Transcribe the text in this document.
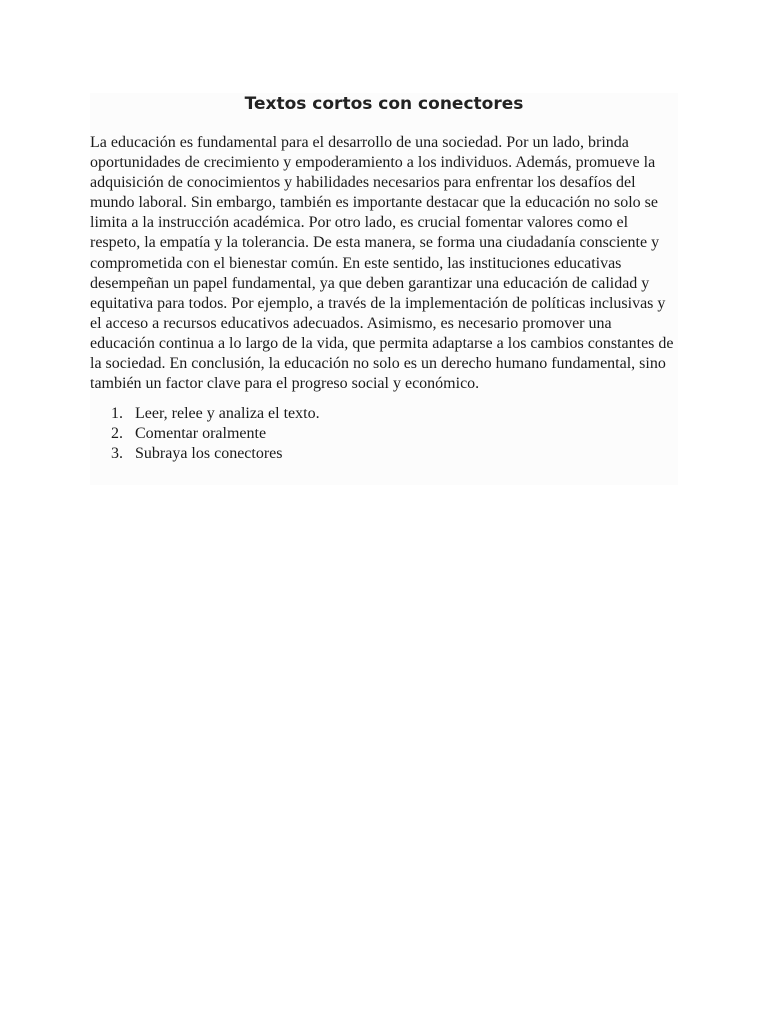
Textos cortos con conectores

La educación es fundamental para el desarrollo de una sociedad. Por un lado, brinda oportunidades de crecimiento y empoderamiento a los individuos. Además, promueve la adquisición de conocimientos y habilidades necesarios para enfrentar los desafíos del mundo laboral. Sin embargo, también es importante destacar que la educación no solo se limita a la instrucción académica. Por otro lado, es crucial fomentar valores como el respeto, la empatía y la tolerancia. De esta manera, se forma una ciudadanía consciente y comprometida con el bienestar común. En este sentido, las instituciones educativas desempeñan un papel fundamental, ya que deben garantizar una educación de calidad y equitativa para todos. Por ejemplo, a través de la implementación de políticas inclusivas y el acceso a recursos educativos adecuados. Asimismo, es necesario promover una educación continua a lo largo de la vida, que permita adaptarse a los cambios constantes de la sociedad. En conclusión, la educación no solo es un derecho humano fundamental, sino también un factor clave para el progreso social y económico.

1. Leer, relee y analiza el texto.
2. Comentar oralmente
3. Subraya los conectores
